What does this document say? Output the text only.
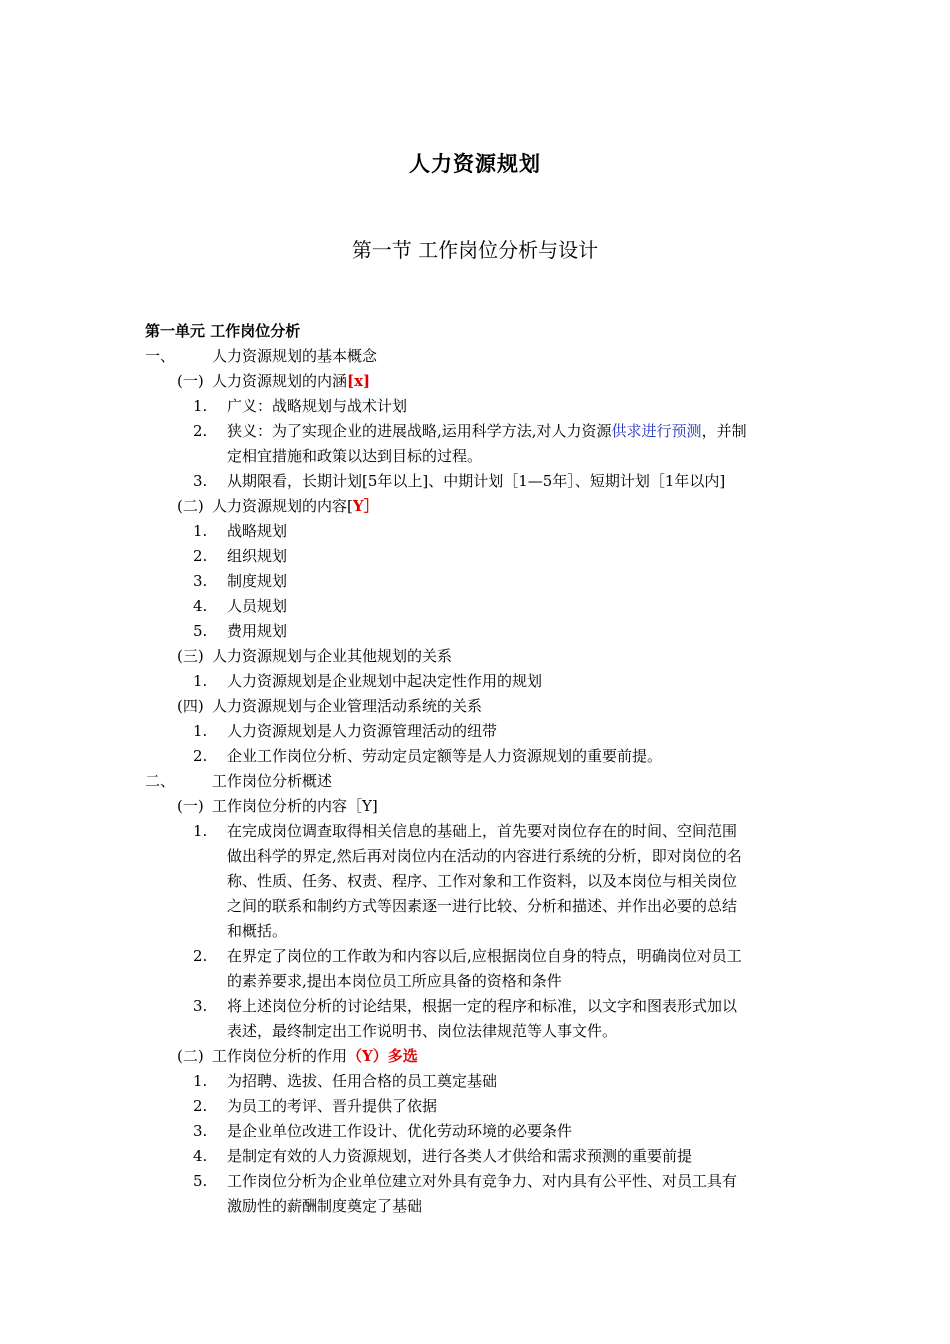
人力资源规划
第一节 工作岗位分析与设计
第一单元 工作岗位分析
一、 人力资源规划的基本概念
(一) 人力资源规划的内涵[x]
1. 广义：战略规划与战术计划
2. 狭义：为了实现企业的进展战略,运用科学方法,对人力资源供求进行预测，并制
定相宜措施和政策以达到目标的过程。
3. 从期限看，长期计划[5年以上]、中期计划［1—5年］、短期计划［1年以内]
(二) 人力资源规划的内容[Y］
1. 战略规划
2. 组织规划
3. 制度规划
4. 人员规划
5. 费用规划
(三) 人力资源规划与企业其他规划的关系
1. 人力资源规划是企业规划中起决定性作用的规划
(四) 人力资源规划与企业管理活动系统的关系
1. 人力资源规划是人力资源管理活动的纽带
2. 企业工作岗位分析、劳动定员定额等是人力资源规划的重要前提。
二、 工作岗位分析概述
(一) 工作岗位分析的内容［Y]
1. 在完成岗位调查取得相关信息的基础上，首先要对岗位存在的时间、空间范围
做出科学的界定,然后再对岗位内在活动的内容进行系统的分析，即对岗位的名
称、性质、任务、权责、程序、工作对象和工作资料，以及本岗位与相关岗位
之间的联系和制约方式等因素逐一进行比较、分析和描述、并作出必要的总结
和概括。
2. 在界定了岗位的工作敢为和内容以后,应根据岗位自身的特点，明确岗位对员工
的素养要求,提出本岗位员工所应具备的资格和条件
3. 将上述岗位分析的讨论结果，根据一定的程序和标准，以文字和图表形式加以
表述，最终制定出工作说明书、岗位法律规范等人事文件。
(二) 工作岗位分析的作用（Y）多选
1. 为招聘、选拔、任用合格的员工奠定基础
2. 为员工的考评、晋升提供了依据
3. 是企业单位改进工作设计、优化劳动环境的必要条件
4. 是制定有效的人力资源规划，进行各类人才供给和需求预测的重要前提
5. 工作岗位分析为企业单位建立对外具有竞争力、对内具有公平性、对员工具有
激励性的薪酬制度奠定了基础
